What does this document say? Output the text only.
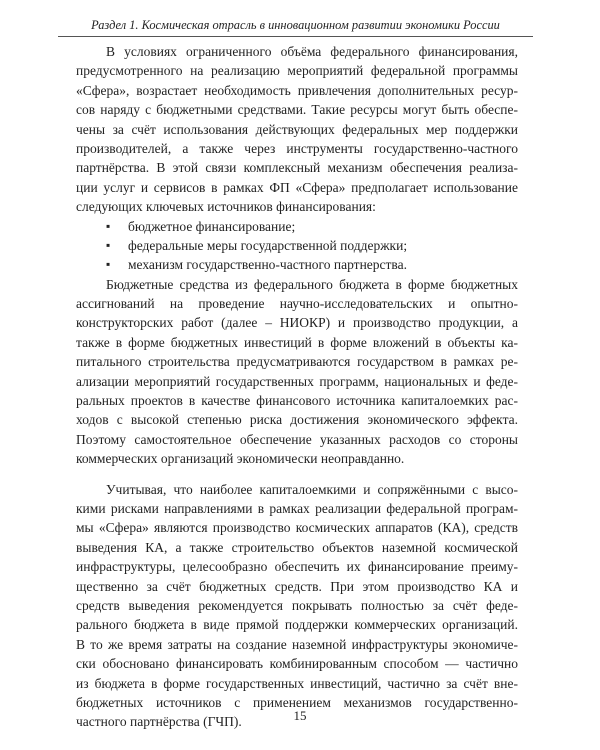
Раздел 1. Космическая отрасль в инновационном развитии экономики России
В условиях ограниченного объёма федерального финансирования,
предусмотренного на реализацию мероприятий федеральной программы
«Сфера», возрастает необходимость привлечения дополнительных ресур-
сов наряду с бюджетными средствами. Такие ресурсы могут быть обеспе-
чены за счёт использования действующих федеральных мер поддержки
производителей, а также через инструменты государственно-частного
партнёрства. В этой связи комплексный механизм обеспечения реализа-
ции услуг и сервисов в рамках ФП «Сфера» предполагает использование
следующих ключевых источников финансирования:
▪	бюджетное финансирование;
▪	федеральные меры государственной поддержки;
▪	механизм государственно-частного партнерства.
Бюджетные средства из федерального бюджета в форме бюджетных
ассигнований на проведение научно-исследовательских и опытно-
конструкторских работ (далее – НИОКР) и производство продукции, а
также в форме бюджетных инвестиций в форме вложений в объекты ка-
питального строительства предусматриваются государством в рамках ре-
ализации мероприятий государственных программ, национальных и феде-
ральных проектов в качестве финансового источника капиталоемких рас-
ходов с высокой степенью риска достижения экономического эффекта.
Поэтому самостоятельное обеспечение указанных расходов со стороны
коммерческих организаций экономически неоправданно.
Учитывая, что наиболее капиталоемкими и сопряжёнными с высо-
кими рисками направлениями в рамках реализации федеральной програм-
мы «Сфера» являются производство космических аппаратов (КА), средств
выведения КА, а также строительство объектов наземной космической
инфраструктуры, целесообразно обеспечить их финансирование преиму-
щественно за счёт бюджетных средств. При этом производство КА и
средств выведения рекомендуется покрывать полностью за счёт феде-
рального бюджета в виде прямой поддержки коммерческих организаций.
В то же время затраты на создание наземной инфраструктуры экономиче-
ски обосновано финансировать комбинированным способом — частично
из бюджета в форме государственных инвестиций, частично за счёт вне-
бюджетных источников с применением механизмов государственно-
частного партнёрства (ГЧП).	15
